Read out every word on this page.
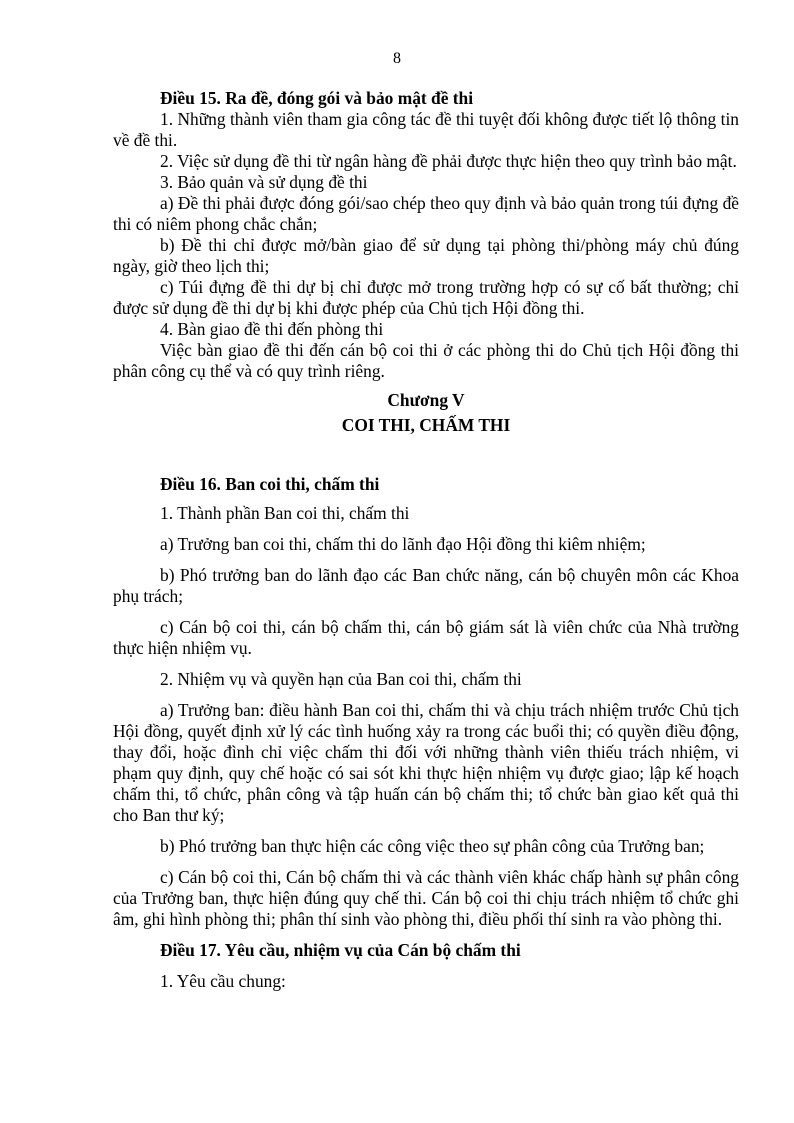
8

Điều 15. Ra đề, đóng gói và bảo mật đề thi

1. Những thành viên tham gia công tác đề thi tuyệt đối không được tiết lộ thông tin về đề thi.

2. Việc sử dụng đề thi từ ngân hàng đề phải được thực hiện theo quy trình bảo mật.

3. Bảo quản và sử dụng đề thi

a) Đề thi phải được đóng gói/sao chép theo quy định và bảo quản trong túi đựng đề thi có niêm phong chắc chắn;

b) Đề thi chỉ được mở/bàn giao để sử dụng tại phòng thi/phòng máy chủ đúng ngày, giờ theo lịch thi;

c) Túi đựng đề thi dự bị chỉ được mở trong trường hợp có sự cố bất thường; chỉ được sử dụng đề thi dự bị khi được phép của Chủ tịch Hội đồng thi.

4. Bàn giao đề thi đến phòng thi

Việc bàn giao đề thi đến cán bộ coi thi ở các phòng thi do Chủ tịch Hội đồng thi phân công cụ thể và có quy trình riêng.

Chương V

COI THI, CHẤM THI

Điều 16. Ban coi thi, chấm thi

1. Thành phần Ban coi thi, chấm thi

a) Trưởng ban coi thi, chấm thi do lãnh đạo Hội đồng thi kiêm nhiệm;

b) Phó trưởng ban do lãnh đạo các Ban chức năng, cán bộ chuyên môn các Khoa phụ trách;

c) Cán bộ coi thi, cán bộ chấm thi, cán bộ giám sát là viên chức của Nhà trường thực hiện nhiệm vụ.

2. Nhiệm vụ và quyền hạn của Ban coi thi, chấm thi

a) Trưởng ban: điều hành Ban coi thi, chấm thi và chịu trách nhiệm trước Chủ tịch Hội đồng, quyết định xử lý các tình huống xảy ra trong các buổi thi; có quyền điều động, thay đổi, hoặc đình chỉ việc chấm thi đối với những thành viên thiếu trách nhiệm, vi phạm quy định, quy chế hoặc có sai sót khi thực hiện nhiệm vụ được giao; lập kế hoạch chấm thi, tổ chức, phân công và tập huấn cán bộ chấm thi; tổ chức bàn giao kết quả thi cho Ban thư ký;

b) Phó trưởng ban thực hiện các công việc theo sự phân công của Trưởng ban;

c) Cán bộ coi thi, Cán bộ chấm thi và các thành viên khác chấp hành sự phân công của Trưởng ban, thực hiện đúng quy chế thi. Cán bộ coi thi chịu trách nhiệm tổ chức ghi âm, ghi hình phòng thi; phân thí sinh vào phòng thi, điều phối thí sinh ra vào phòng thi.

Điều 17. Yêu cầu, nhiệm vụ của Cán bộ chấm thi

1. Yêu cầu chung:
